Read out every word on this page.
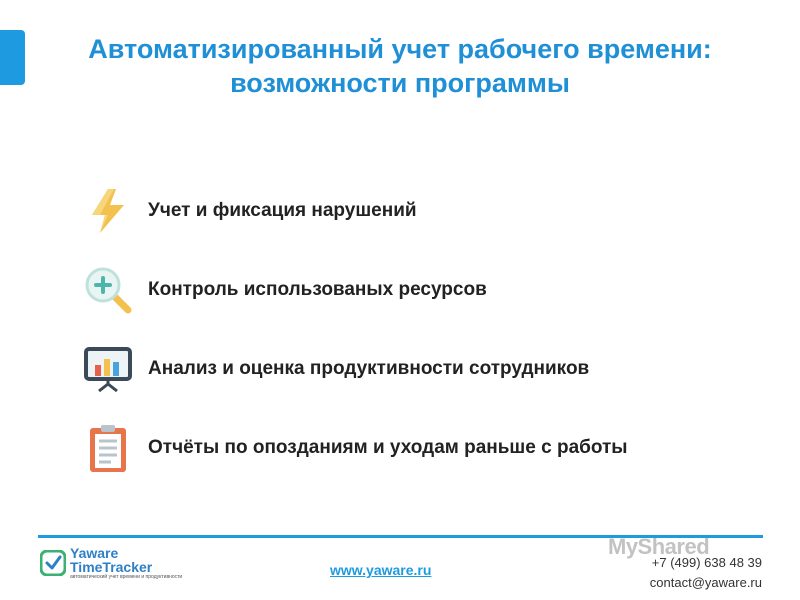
Автоматизированный учет рабочего времени:
возможности программы
Учет и фиксация нарушений
Контроль использованых ресурсов
Анализ и оценка продуктивности сотрудников
Отчёты по опозданиям и уходам раньше с работы
Yaware
TimeTracker
автоматический учет времени и продуктивности	www.yaware.ru
MyShared
+7 (499) 638 48 39
contact@yaware.ru
